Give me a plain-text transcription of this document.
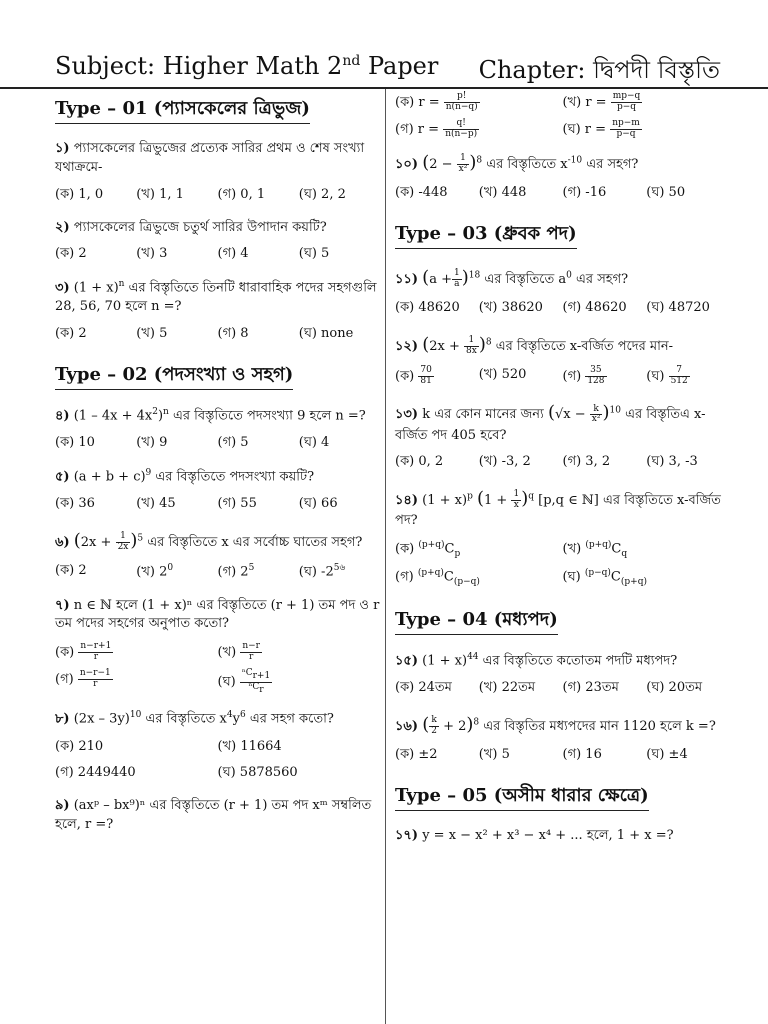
Subject: Higher Math 2nd Paper Chapter: দ্বিপদী বিস্তৃতি
Type – 01 (প্যাসকেলের ত্রিভুজ)
১) প্যাসকেলের ত্রিভুজের প্রত্যেক সারির প্রথম ও শেষ সংখ্যা যথাক্রমে-
(ক) 1, 0	(খ) 1, 1	(গ) 0, 1	(ঘ) 2, 2
২) প্যাসকেলের ত্রিভুজে চতুর্থ সারির উপাদান কয়টি?
(ক) 2	(খ) 3	(গ) 4	(ঘ) 5
৩) $(1 + x)^n$ এর বিস্তৃতিতে তিনটি ধারাবাহিক পদের সহগগুলি 28, 56, 70 হলে n =?
(ক) 2	(খ) 5	(গ) 8	(ঘ) none
Type – 02 (পদসংখ্যা ও সহগ)
৪) $(1 - 4x + 4x^2)^n$ এর বিস্তৃতিতে পদসংখ্যা 9 হলে n =?
(ক) 10	(খ) 9	(গ) 5	(ঘ) 4
৫) $(a + b + c)^9$ এর বিস্তৃতিতে পদসংখ্যা কয়টি?
(ক) 36	(খ) 45	(গ) 55	(ঘ) 66
৬) $(2x + \frac{1}{2x} )^5$ এর বিস্তৃতিতে x এর সর্বোচ্চ ঘাতের সহগ?
(ক) 2	(খ) $2^0$	(গ) $2^5$	(ঘ) $-2^{5৬}$
৭) n ∈ ℕ হলে (1 + x)ⁿ এর বিস্তৃতিতে (r + 1) তম পদ ও r তম পদের সহগের অনুপাত কতো?
(ক) $\frac{n-r+1}{r}$	(খ) $\frac{n-r}{r}$
(গ) $\frac{n-r-1}{r}$	(ঘ) $\frac{^nC_{r+1}}{^nC_r}$
৮) (2x – 3y)$^{10}$ এর বিস্তৃতিতে $x^4y^6$ এর সহগ কতো?
(ক) 210	(খ) 11664
(গ) 2449440	(ঘ) 5878560
৯) (axᵖ – bx⁹)ⁿ এর বিস্তৃতিতে (r + 1) তম পদ xᵐ সম্বলিত হলে, r =?
(ক) $r = \frac{p!}{n(n-q)}$	(খ) $r = \frac{mp-q}{p-q}$
(গ) $r = \frac{q!}{n(n-p)}$	(ঘ) $r = \frac{np-m}{p-q}$
১০) $(2 - \frac{1}{\text{x²}} )^8$ এর বিস্তৃতিতে $x^{-10}$ এর সহগ?
(ক) -448	(খ) 448	(গ) -16	(ঘ) 50
Type – 03 (ধ্রুবক পদ)
১১) $(a + \frac{1}{a} )^{18}$ এর বিস্তৃতিতে $a^0$ এর সহগ?
(ক) 48620	(খ) 38620	(গ) 48620	(ঘ) 48720
১২) $(2x + \frac{1}{8x} )^8$ এর বিস্তৃতিতে x-বর্জিত পদের মান-
(ক) $\frac{70}{81}$	(খ) 520	(গ) $\frac{35}{128}$	(ঘ) $\frac{7}{512}$
১৩) k এর কোন মানের জন্য $(√x - \frac{k}{\text{x²}} )^{10}$ এর বিস্তৃতিএ x-বর্জিত পদ 405 হবে?
(ক) 0, 2	(খ) -3, 2	(গ) 3, 2	(ঘ) 3, -3
১৪) $(1 + x)^p$ $(1 + \frac{1}{x} )^q$ [p,q ∈ ℕ] এর বিস্তৃতিতে x-বর্জিত পদ?
(ক) $^{(p+q)}C_p$	(খ) $^{(p+q)}C_q$
(গ) $^{(p+q)}C_{(p-q)}$	(ঘ) $^{(p-q)}C_{(p+q)}$
Type – 04 (মধ্যপদ)
১৫) $(1 + x)^{44}$ এর বিস্তৃতিতে কতোতম পদটি মধ্যপদ?
(ক) 24তম	(খ) 22তম	(গ) 23তম	(ঘ) 20তম
১৬) ( $\frac{k}{2} + 2)^8$ এর বিস্তৃতির মধ্যপদের মান 1120 হলে k =?
(ক) ±2	(খ) 5	(গ) 16	(ঘ) ±4
Type – 05 (অসীম ধারার ক্ষেত্রে)
১৭) y = x − x² + x³ − x⁴ + ... হলে, 1 + x =?
